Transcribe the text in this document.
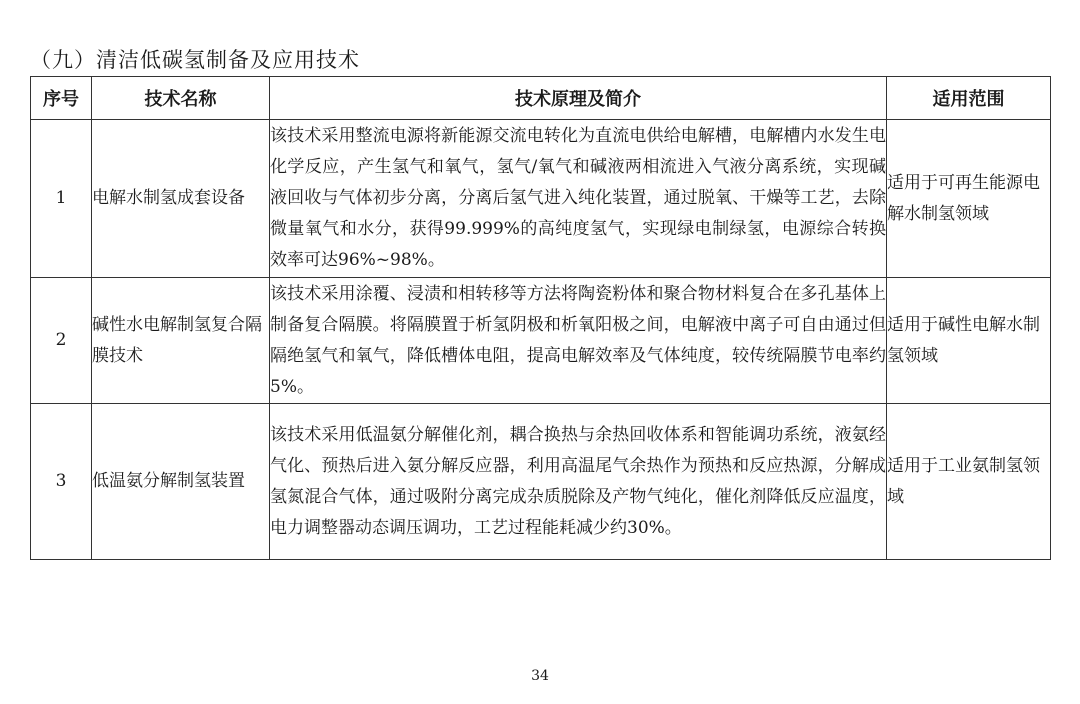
（九）清洁低碳氢制备及应用技术
序号	技术名称	技术原理及简介	适用范围
1	电解水制氢成套设备	该技术采用整流电源将新能源交流电转化为直流电供给电解槽，电解槽内水发生电化学反应，产生氢气和氧气，氢气/氧气和碱液两相流进入气液分离系统，实现碱液回收与气体初步分离，分离后氢气进入纯化装置，通过脱氧、干燥等工艺，去除微量氧气和水分，获得99.999%的高纯度氢气，实现绿电制绿氢，电源综合转换效率可达96%~98%。	适用于可再生能源电解水制氢领域
2	碱性水电解制氢复合隔膜技术	该技术采用涂覆、浸渍和相转移等方法将陶瓷粉体和聚合物材料复合在多孔基体上制备复合隔膜。将隔膜置于析氢阴极和析氧阳极之间，电解液中离子可自由通过但隔绝氢气和氧气，降低槽体电阻，提高电解效率及气体纯度，较传统隔膜节电率约5%。	适用于碱性电解水制氢领域
3	低温氨分解制氢装置	该技术采用低温氨分解催化剂，耦合换热与余热回收体系和智能调功系统，液氨经气化、预热后进入氨分解反应器，利用高温尾气余热作为预热和反应热源，分解成氢氮混合气体，通过吸附分离完成杂质脱除及产物气纯化，催化剂降低反应温度，电力调整器动态调压调功，工艺过程能耗减少约30%。	适用于工业氨制氢领域
34
